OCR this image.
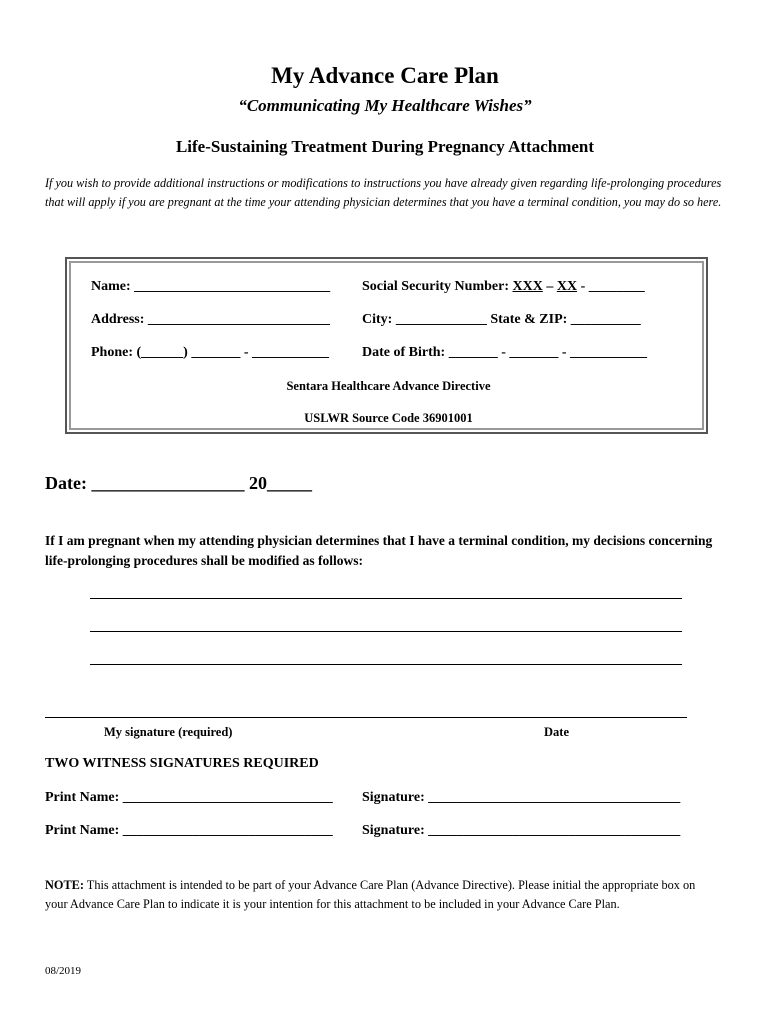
My Advance Care Plan
“Communicating My Healthcare Wishes”
Life-Sustaining Treatment During Pregnancy Attachment
If you wish to provide additional instructions or modifications to instructions you have already given regarding life-prolonging procedures that will apply if you are pregnant at the time your attending physician determines that you have a terminal condition, you may do so here.
Name: ____________________________ Social Security Number: XXX – XX - ________
Address: __________________________ City: _____________ State & ZIP: __________
Phone: (______) _______ - ___________ Date of Birth: _______ - _______ - ___________
Sentara Healthcare Advance Directive
USLWR Source Code 36901001
Date: _________________ 20_____
If I am pregnant when my attending physician determines that I have a terminal condition, my decisions concerning life-prolonging procedures shall be modified as follows:
My signature (required)	Date
TWO WITNESS SIGNATURES REQUIRED
Print Name: ______________________________ Signature: ____________________________________
Print Name: ______________________________ Signature: ____________________________________
NOTE: This attachment is intended to be part of your Advance Care Plan (Advance Directive). Please initial the appropriate box on your Advance Care Plan to indicate it is your intention for this attachment to be included in your Advance Care Plan.
08/2019
